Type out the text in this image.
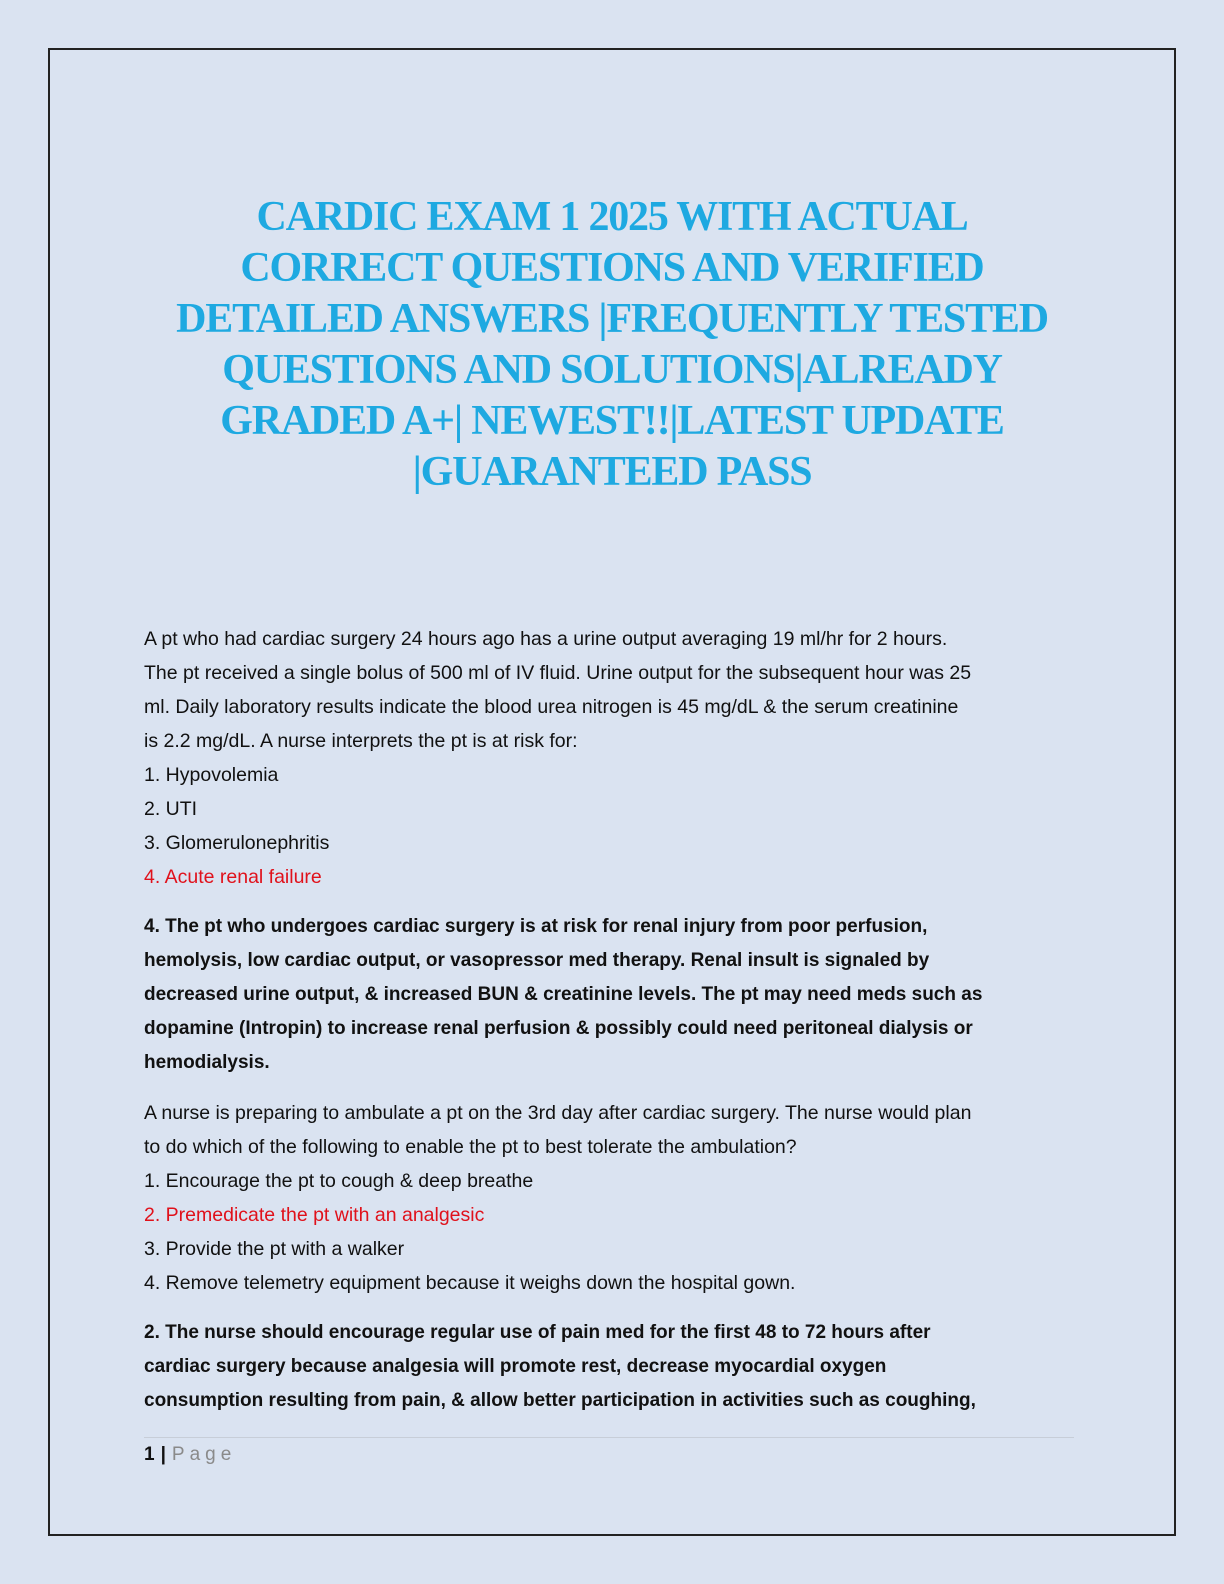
CARDIC EXAM 1 2025 WITH ACTUAL
CORRECT QUESTIONS AND VERIFIED
DETAILED ANSWERS |FREQUENTLY TESTED
QUESTIONS AND SOLUTIONS|ALREADY
GRADED A+| NEWEST!!|LATEST UPDATE
|GUARANTEED PASS
A pt who had cardiac surgery 24 hours ago has a urine output averaging 19 ml/hr for 2 hours.
The pt received a single bolus of 500 ml of IV fluid. Urine output for the subsequent hour was 25
ml. Daily laboratory results indicate the blood urea nitrogen is 45 mg/dL & the serum creatinine
is 2.2 mg/dL. A nurse interprets the pt is at risk for:
1. Hypovolemia
2. UTI
3. Glomerulonephritis
4. Acute renal failure
4. The pt who undergoes cardiac surgery is at risk for renal injury from poor perfusion,
hemolysis, low cardiac output, or vasopressor med therapy. Renal insult is signaled by
decreased urine output, & increased BUN & creatinine levels. The pt may need meds such as
dopamine (Intropin) to increase renal perfusion & possibly could need peritoneal dialysis or
hemodialysis.
A nurse is preparing to ambulate a pt on the 3rd day after cardiac surgery. The nurse would plan
to do which of the following to enable the pt to best tolerate the ambulation?
1. Encourage the pt to cough & deep breathe
2. Premedicate the pt with an analgesic
3. Provide the pt with a walker
4. Remove telemetry equipment because it weighs down the hospital gown.
2. The nurse should encourage regular use of pain med for the first 48 to 72 hours after
cardiac surgery because analgesia will promote rest, decrease myocardial oxygen
consumption resulting from pain, & allow better participation in activities such as coughing,
1 | Page
